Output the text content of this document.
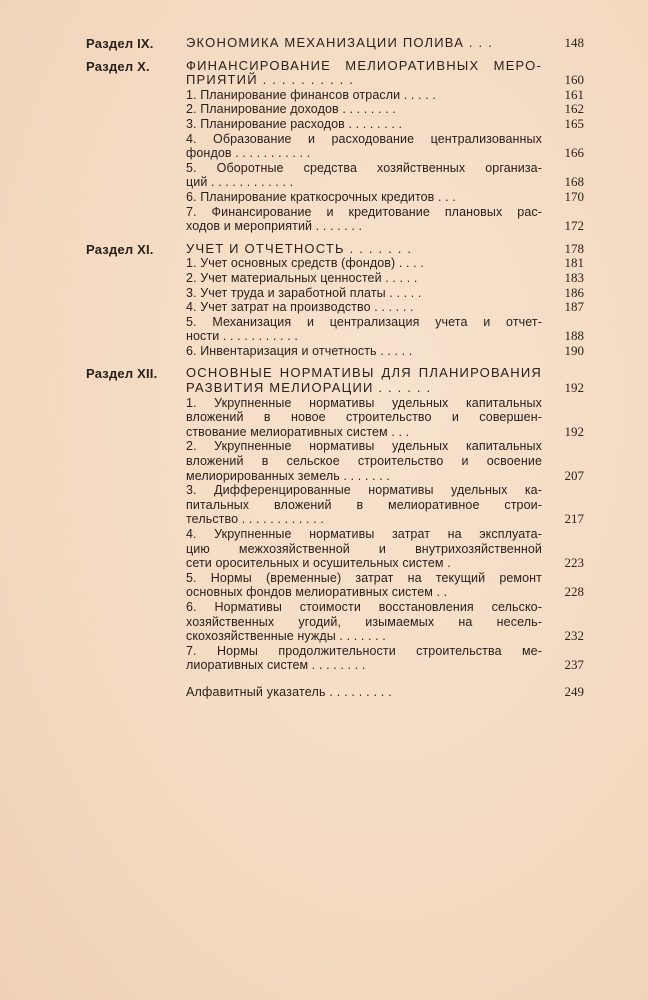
Раздел IX. ЭКОНОМИКА МЕХАНИЗАЦИИ ПОЛИВА . . .	148
Раздел X.	ФИНАНСИРОВАНИЕ МЕЛИОРАТИВНЫХ МЕРО-
ПРИЯТИЙ . . . . . . . . . .	160
1. Планирование финансов отрасли . . . . .	161
2. Планирование доходов . . . . . . . .	162
3. Планирование расходов . . . . . . . .	165
4. Образование и расходование централизованных
фондов . . . . . . . . . . .	166
5. Оборотные средства хозяйственных организа-
ций . . . . . . . . . . . .	168
6. Планирование краткосрочных кредитов . . .	170
7. Финансирование и кредитование плановых рас-
ходов и мероприятий . . . . . . .	172
Раздел XI. УЧЕТ И ОТЧЕТНОСТЬ . . . . . . .	178
1. Учет основных средств (фондов) . . . .	181
2. Учет материальных ценностей . . . . .	183
3. Учет труда и заработной платы . . . . .	186
4. Учет затрат на производство . . . . . .	187
5. Механизация и централизация учета и отчет-
ности . . . . . . . . . . .	188
6. Инвентаризация и отчетность . . . . .	190
Раздел XII. ОСНОВНЫЕ НОРМАТИВЫ ДЛЯ ПЛАНИРОВАНИЯ
РАЗВИТИЯ МЕЛИОРАЦИИ . . . . . .	192
1. Укрупненные нормативы удельных капитальных
вложений в новое строительство и совершен-
ствование мелиоративных систем . . .	192
2. Укрупненные нормативы удельных капитальных
вложений в сельское строительство и освоение
мелиорированных земель . . . . . . .	207
3. Дифференцированные нормативы удельных ка-
питальных вложений в мелиоративное строи-
тельство . . . . . . . . . . . .	217
4. Укрупненные нормативы затрат на эксплуата-
цию межхозяйственной и внутрихозяйственной
сети оросительных и осушительных систем .	223
5. Нормы (временные) затрат на текущий ремонт
основных фондов мелиоративных систем . .	228
6. Нормативы стоимости восстановления сельско-
хозяйственных угодий, изымаемых на несель-
скохозяйственные нужды . . . . . . .	232
7. Нормы продолжительности строительства ме-
лиоративных систем . . . . . . . .	237
Алфавитный указатель . . . . . . . . .	249
